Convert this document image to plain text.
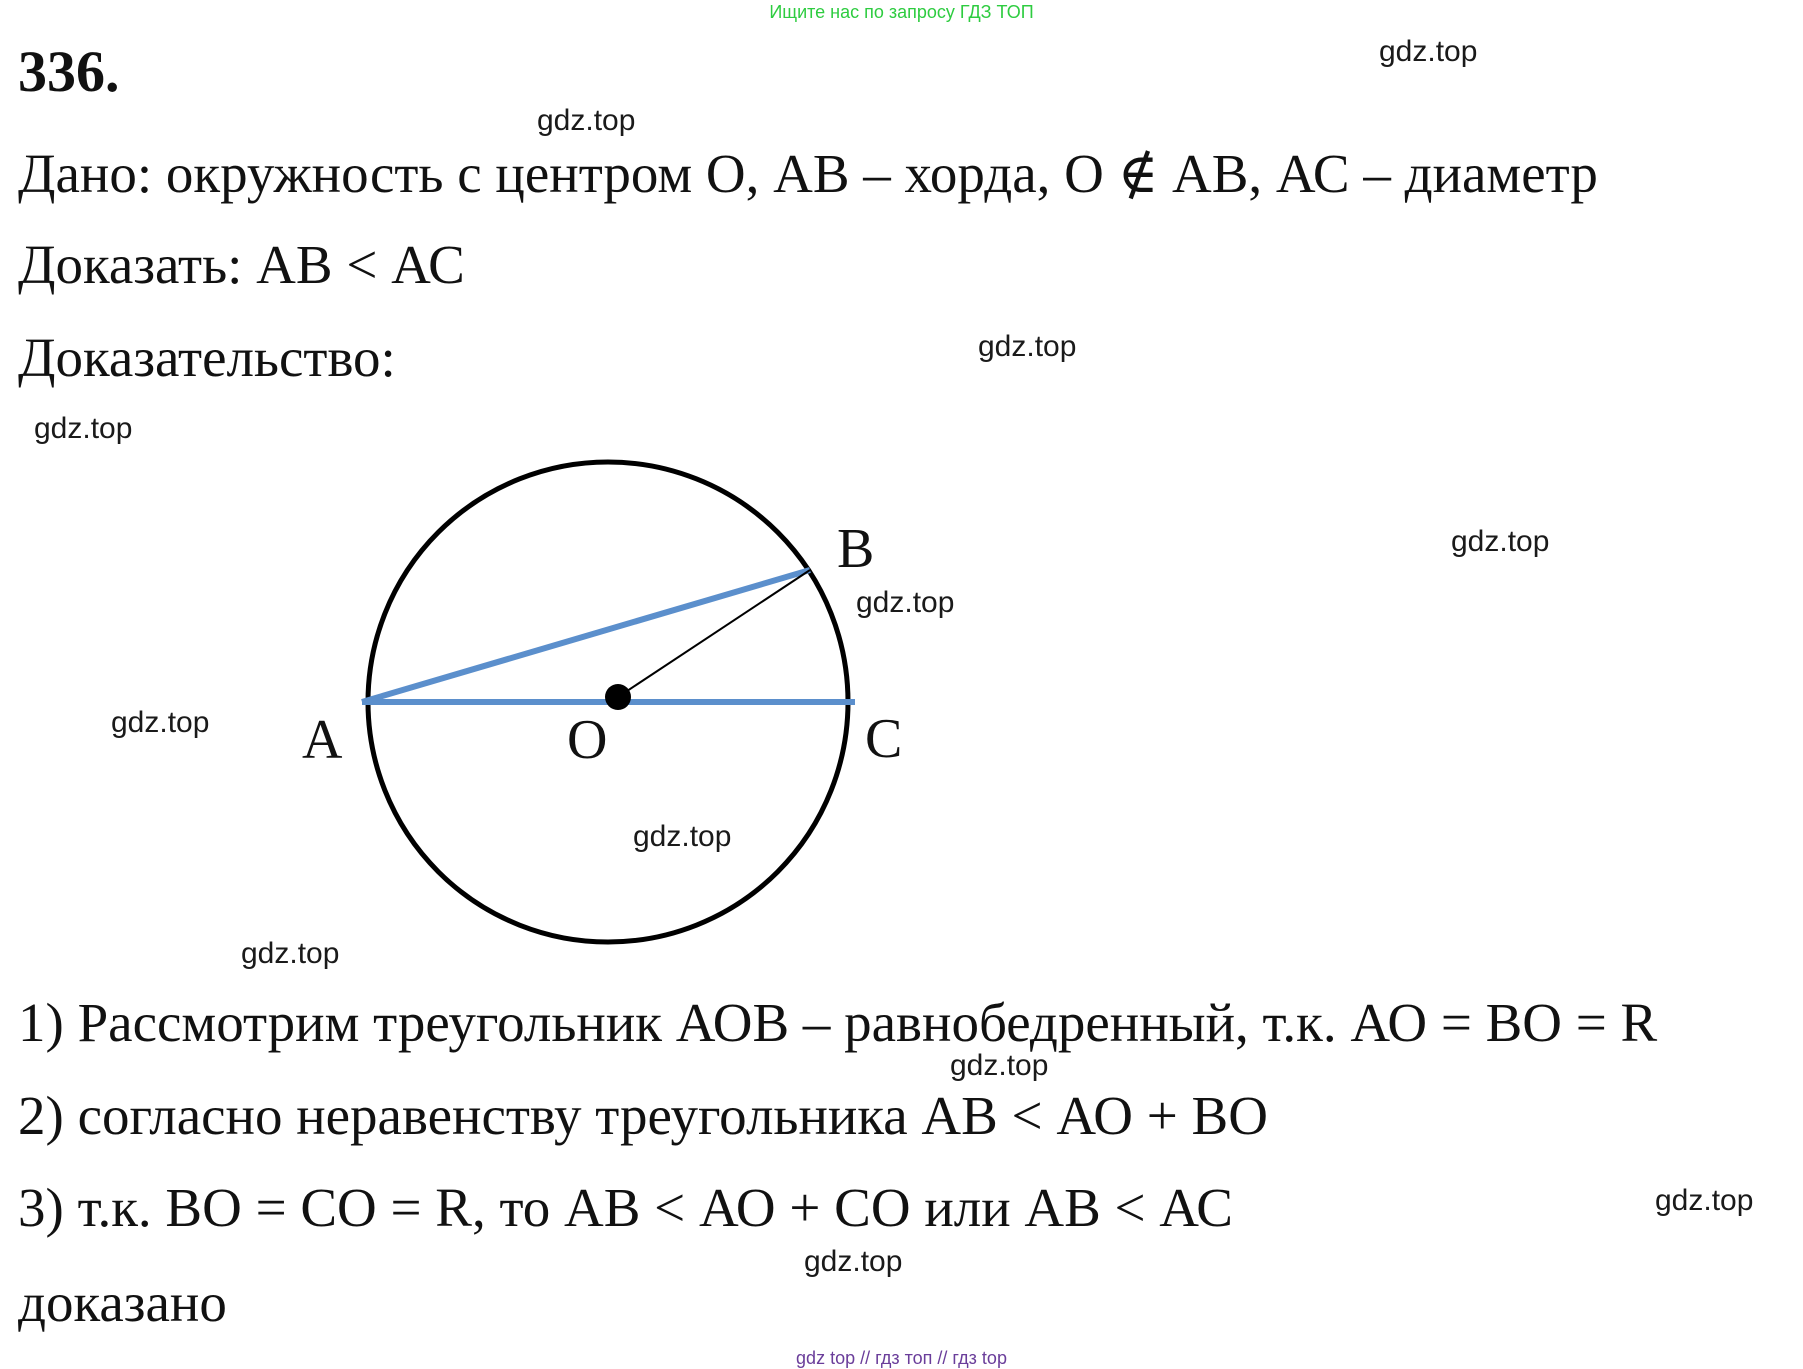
Ищите нас по запросу ГДЗ ТОП
336.
Дано: окружность с центром О, АВ – хорда, О ∉ АВ, АС – диаметр
Доказать: АВ < АС
Доказательство:
A
B
C
O
1) Рассмотрим треугольник АОВ – равнобедренный, т.к. АО = ВО = R
2) согласно неравенству треугольника АВ < АО + ВО
3) т.к. ВО = СО = R, то АВ < АО + СО или АВ < АС
доказано
gdz.top
gdz.top
gdz.top
gdz.top
gdz.top
gdz.top
gdz.top
gdz.top
gdz.top
gdz.top
gdz.top
gdz.top
gdz top // гдз топ // гдз top
